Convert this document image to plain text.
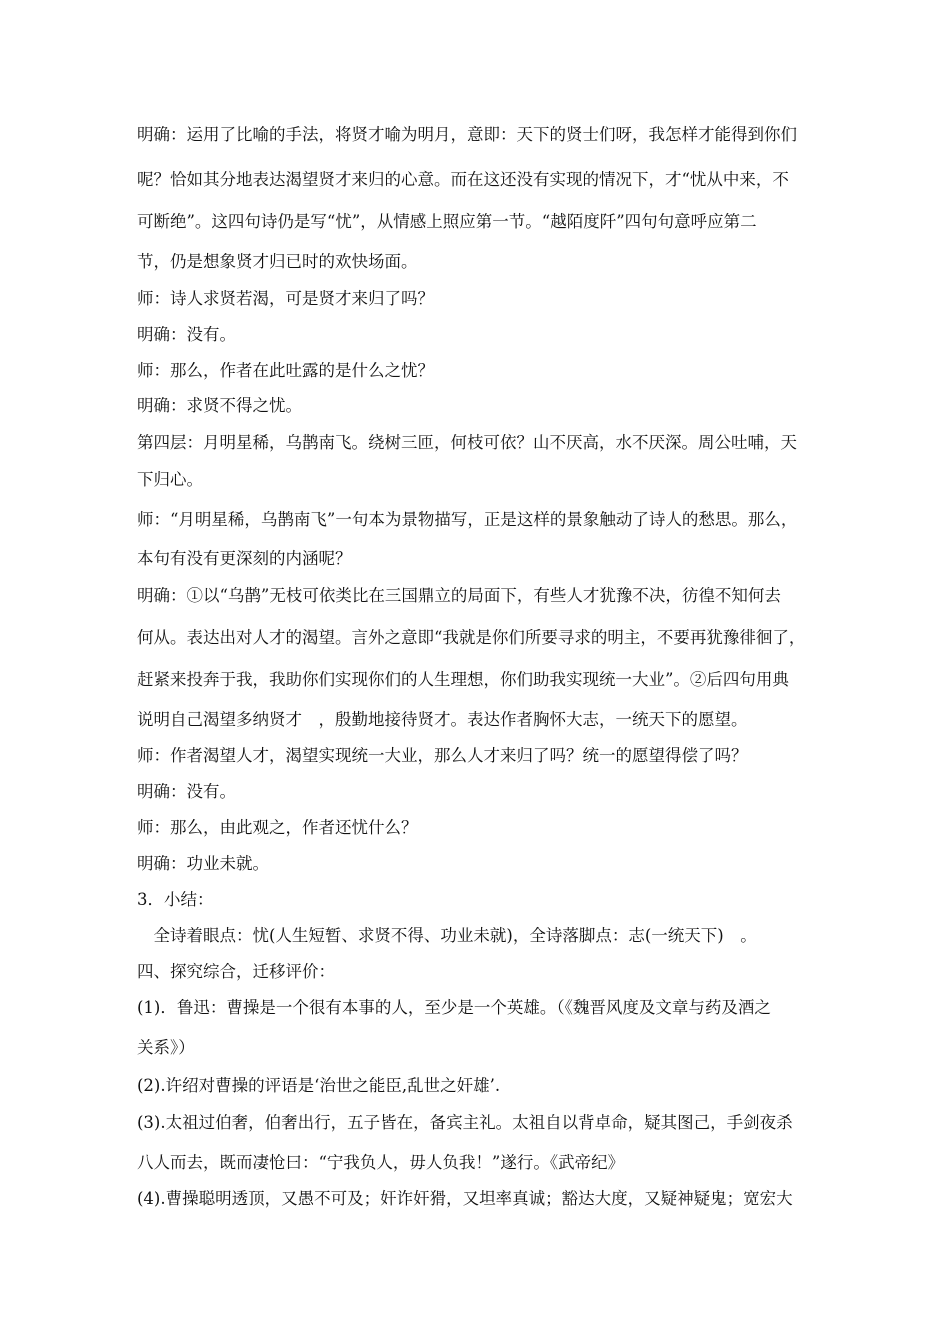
明确：运用了比喻的手法，将贤才喻为明月，意即：天下的贤士们呀，我怎样才能得到你们

呢？恰如其分地表达渴望贤才来归的心意。而在这还没有实现的情况下，才“忧从中来，不

可断绝”。这四句诗仍是写“忧”，从情感上照应第一节。“越陌度阡”四句句意呼应第二

节，仍是想象贤才归已时的欢快场面。

师：诗人求贤若渴，可是贤才来归了吗？

明确：没有。

师：那么，作者在此吐露的是什么之忧？

明确：求贤不得之忧。

第四层：月明星稀，乌鹊南飞。绕树三匝，何枝可依？山不厌高，水不厌深。周公吐哺，天

下归心。

师：“月明星稀，乌鹊南飞”一句本为景物描写，正是这样的景象触动了诗人的愁思。那么，

本句有没有更深刻的内涵呢？

明确：①以“乌鹊”无枝可依类比在三国鼎立的局面下，有些人才犹豫不决，彷徨不知何去

何从。表达出对人才的渴望。言外之意即“我就是你们所要寻求的明主，不要再犹豫徘徊了，

赶紧来投奔于我，我助你们实现你们的人生理想，你们助我实现统一大业”。②后四句用典

说明自己渴望多纳贤才　，殷勤地接待贤才。表达作者胸怀大志，一统天下的愿望。

师：作者渴望人才，渴望实现统一大业，那么人才来归了吗？统一的愿望得偿了吗？

明确：没有。

师：那么，由此观之，作者还忧什么？

明确：功业未就。

3．小结：

　全诗着眼点：忧(人生短暂、求贤不得、功业未就)，全诗落脚点：志(一统天下)　。

四、探究综合，迁移评价：

(1)．鲁迅：曹操是一个很有本事的人，至少是一个英雄。（《魏晋风度及文章与药及酒之

关系》）

(2).许绍对曹操的评语是‘治世之能臣,乱世之奸雄’.

(3).太祖过伯奢，伯奢出行，五子皆在，备宾主礼。太祖自以背卓命，疑其图己，手剑夜杀

八人而去，既而凄怆曰：“宁我负人，毋人负我！”遂行。《武帝纪》

(4).曹操聪明透顶，又愚不可及；奸诈奸猾，又坦率真诚；豁达大度，又疑神疑鬼；宽宏大
